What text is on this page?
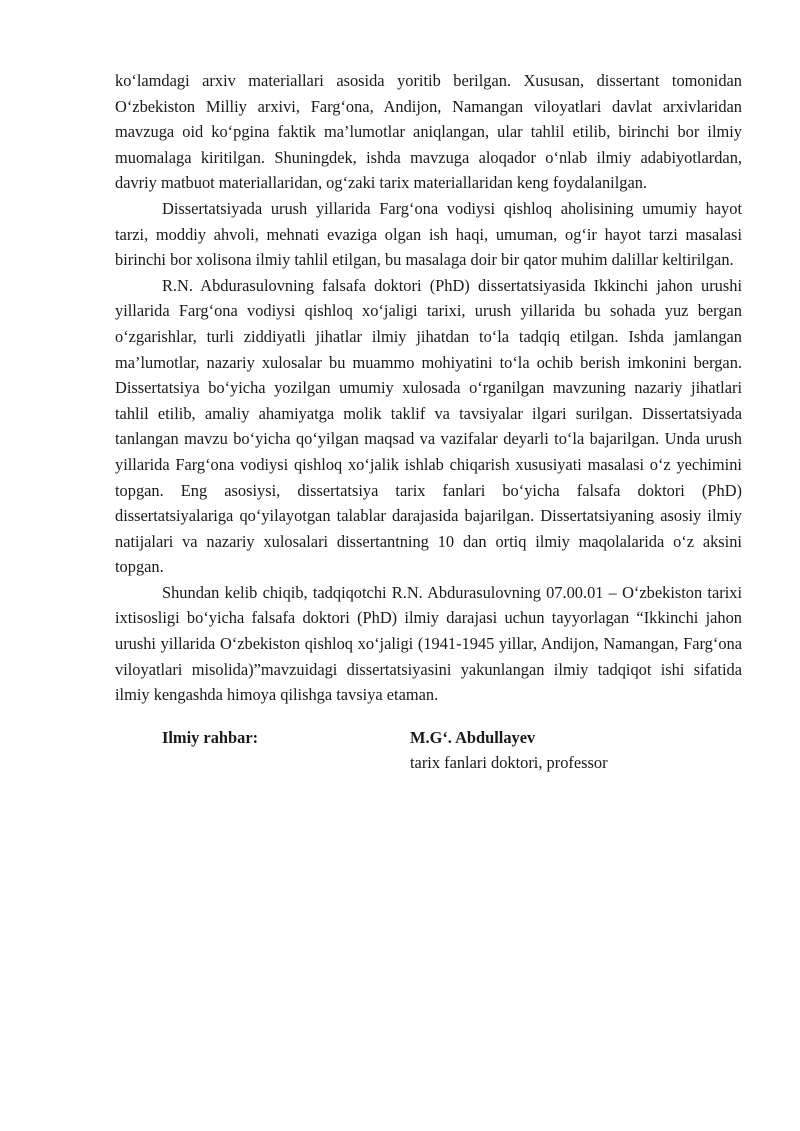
ko‘lamdagi arxiv materiallari asosida yoritib berilgan. Xususan, dissertant tomonidan O‘zbekiston Milliy arxivi, Farg‘ona, Andijon, Namangan viloyatlari davlat arxivlaridan mavzuga oid ko‘pgina faktik ma’lumotlar aniqlangan, ular tahlil etilib, birinchi bor ilmiy muomalaga kiritilgan. Shuningdek, ishda mavzuga aloqador o‘nlab ilmiy adabiyotlardan, davriy matbuot materiallaridan, og‘zaki tarix materiallaridan keng foydalanilgan.

Dissertatsiyada urush yillarida Farg‘ona vodiysi qishloq aholisining umumiy hayot tarzi, moddiy ahvoli, mehnati evaziga olgan ish haqi, umuman, og‘ir hayot tarzi masalasi birinchi bor xolisona ilmiy tahlil etilgan, bu masalaga doir bir qator muhim dalillar keltirilgan.

R.N. Abdurasulovning falsafa doktori (PhD) dissertatsiyasida Ikkinchi jahon urushi yillarida Farg‘ona vodiysi qishloq xo‘jaligi tarixi, urush yillarida bu sohada yuz bergan o‘zgarishlar, turli ziddiyatli jihatlar ilmiy jihatdan to‘la tadqiq etilgan. Ishda jamlangan ma’lumotlar, nazariy xulosalar bu muammo mohiyatini to‘la ochib berish imkonini bergan. Dissertatsiya bo‘yicha yozilgan umumiy xulosada o‘rganilgan mavzuning nazariy jihatlari tahlil etilib, amaliy ahamiyatga molik taklif va tavsiyalar ilgari surilgan. Dissertatsiyada tanlangan mavzu bo‘yicha qo‘yilgan maqsad va vazifalar deyarli to‘la bajarilgan. Unda urush yillarida Farg‘ona vodiysi qishloq xo‘jalik ishlab chiqarish xususiyati masalasi o‘z yechimini topgan. Eng asosiysi, dissertatsiya tarix fanlari bo‘yicha falsafa doktori (PhD) dissertatsiyalariga qo‘yilayotgan talablar darajasida bajarilgan. Dissertatsiyaning asosiy ilmiy natijalari va nazariy xulosalari dissertantning 10 dan ortiq ilmiy maqolalarida o‘z aksini topgan.

Shundan kelib chiqib, tadqiqotchi R.N. Abdurasulovning 07.00.01 – O‘zbekiston tarixi ixtisosligi bo‘yicha falsafa doktori (PhD) ilmiy darajasi uchun tayyorlagan “Ikkinchi jahon urushi yillarida O‘zbekiston qishloq xo‘jaligi (1941-1945 yillar, Andijon, Namangan, Farg‘ona viloyatlari misolida)”mavzuidagi dissertatsiyasini yakunlangan ilmiy tadqiqot ishi sifatida ilmiy kengashda himoya qilishga tavsiya etaman.

Ilmiy rahbar:	M.G‘. Abdullayev
tarix fanlari doktori, professor
